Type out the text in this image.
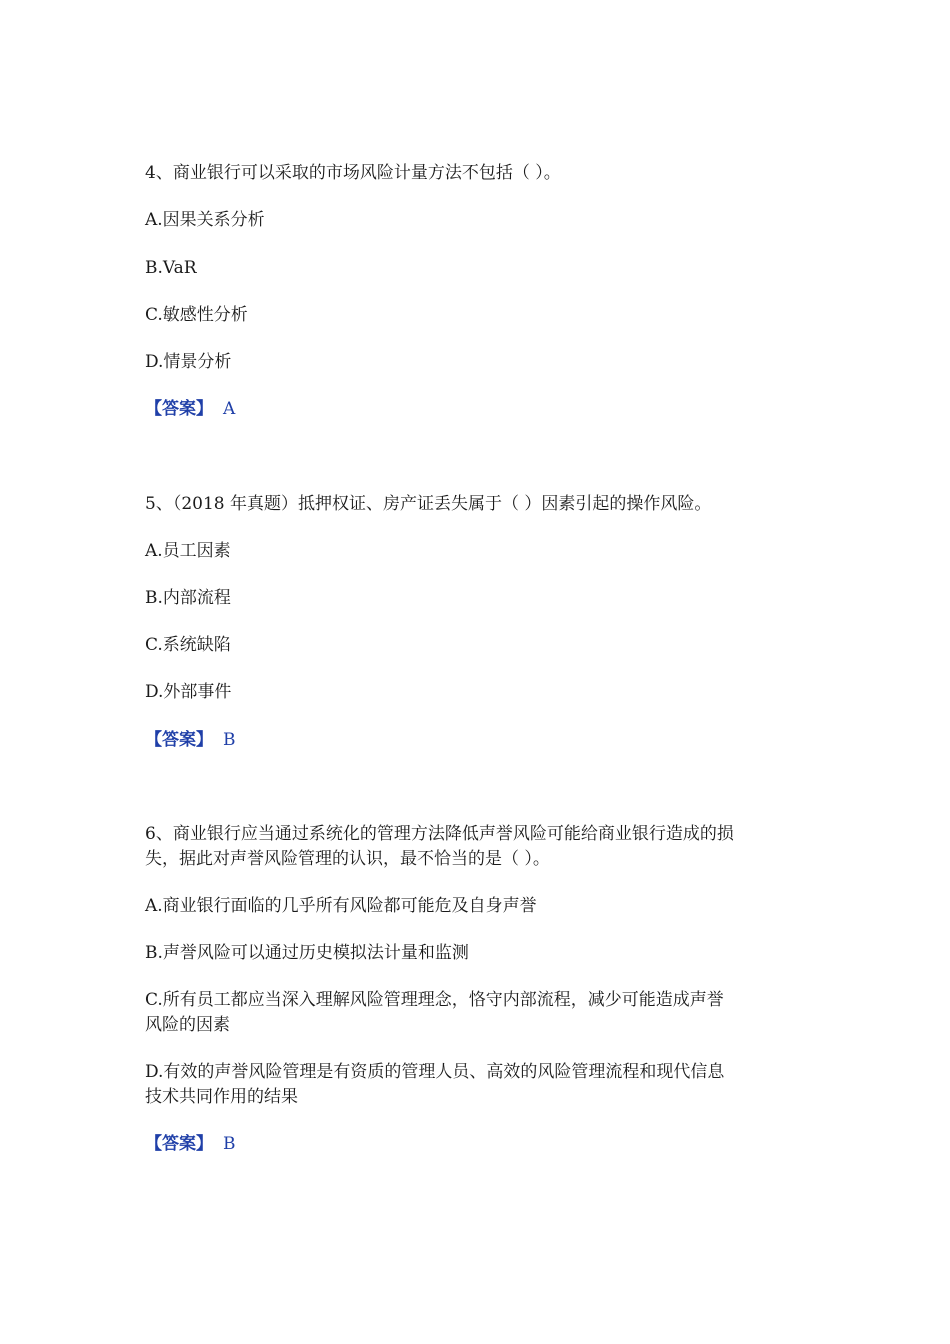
4、商业银行可以采取的市场风险计量方法不包括（ ）。

A.因果关系分析

B.VaR

C.敏感性分析

D.情景分析

【答案】 A

5、（2018 年真题）抵押权证、房产证丢失属于（ ）因素引起的操作风险。

A.员工因素

B.内部流程

C.系统缺陷

D.外部事件

【答案】 B

6、商业银行应当通过系统化的管理方法降低声誉风险可能给商业银行造成的损

失，据此对声誉风险管理的认识，最不恰当的是（ ）。

A.商业银行面临的几乎所有风险都可能危及自身声誉

B.声誉风险可以通过历史模拟法计量和监测

C.所有员工都应当深入理解风险管理理念，恪守内部流程，减少可能造成声誉

风险的因素

D.有效的声誉风险管理是有资质的管理人员、高效的风险管理流程和现代信息

技术共同作用的结果

【答案】 B
